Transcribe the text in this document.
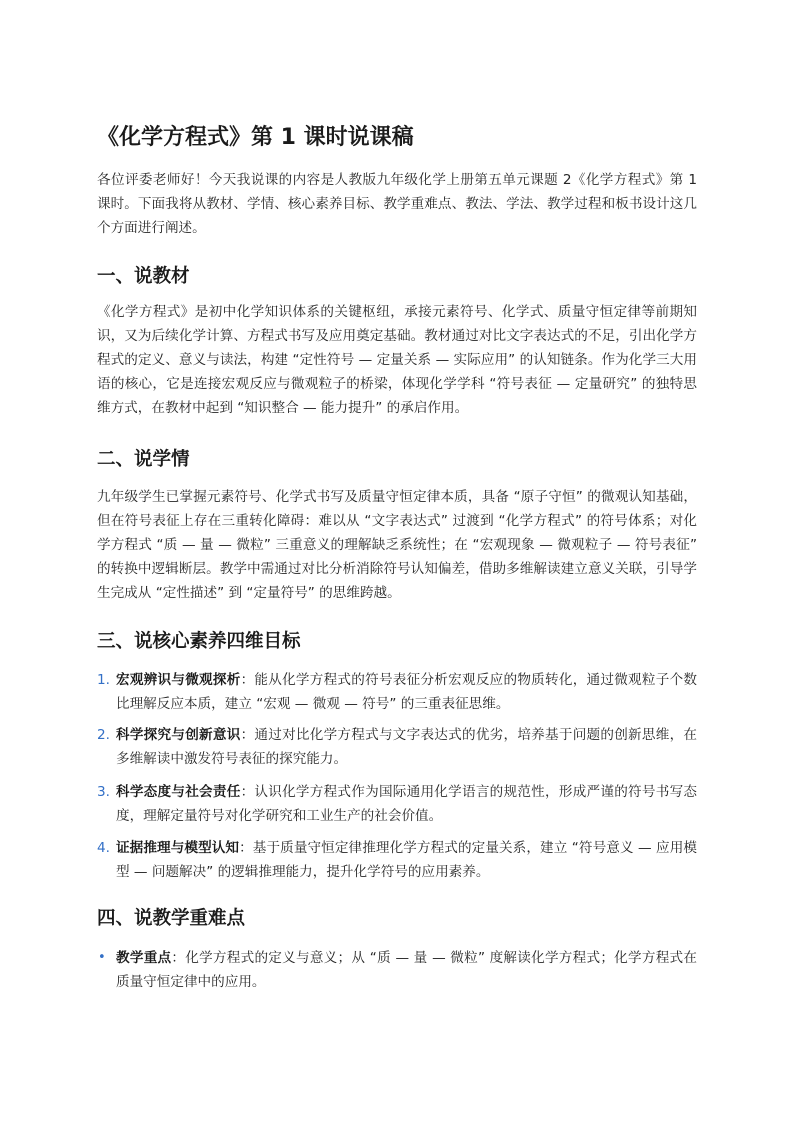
《化学方程式》第 1 课时说课稿

各位评委老师好！今天我说课的内容是人教版九年级化学上册第五单元课题 2《化学方程式》第 1 课时。下面我将从教材、学情、核心素养目标、教学重难点、教法、学法、教学过程和板书设计这几个方面进行阐述。

一、说教材

《化学方程式》是初中化学知识体系的关键枢纽，承接元素符号、化学式、质量守恒定律等前期知识，又为后续化学计算、方程式书写及应用奠定基础。教材通过对比文字表达式的不足，引出化学方程式的定义、意义与读法，构建 “定性符号 — 定量关系 — 实际应用” 的认知链条。作为化学三大用语的核心，它是连接宏观反应与微观粒子的桥梁，体现化学学科 “符号表征 — 定量研究” 的独特思维方式，在教材中起到 “知识整合 — 能力提升” 的承启作用。

二、说学情

九年级学生已掌握元素符号、化学式书写及质量守恒定律本质，具备 “原子守恒” 的微观认知基础，但在符号表征上存在三重转化障碍：难以从 “文字表达式” 过渡到 “化学方程式” 的符号体系；对化学方程式 “质 — 量 — 微粒” 三重意义的理解缺乏系统性；在 “宏观现象 — 微观粒子 — 符号表征” 的转换中逻辑断层。教学中需通过对比分析消除符号认知偏差，借助多维解读建立意义关联，引导学生完成从 “定性描述” 到 “定量符号” 的思维跨越。

三、说核心素养四维目标
1. 宏观辨识与微观探析：能从化学方程式的符号表征分析宏观反应的物质转化，通过微观粒子个数比理解反应本质，建立 “宏观 — 微观 — 符号” 的三重表征思维。

2. 科学探究与创新意识：通过对比化学方程式与文字表达式的优劣，培养基于问题的创新思维，在多维解读中激发符号表征的探究能力。

3. 科学态度与社会责任：认识化学方程式作为国际通用化学语言的规范性，形成严谨的符号书写态度，理解定量符号对化学研究和工业生产的社会价值。

4. 证据推理与模型认知：基于质量守恒定律推理化学方程式的定量关系，建立 “符号意义 — 应用模型 — 问题解决” 的逻辑推理能力，提升化学符号的应用素养。

四、说教学重难点
• 教学重点：化学方程式的定义与意义；从 “质 — 量 — 微粒” 度解读化学方程式；化学方程式在质量守恒定律中的应用。
